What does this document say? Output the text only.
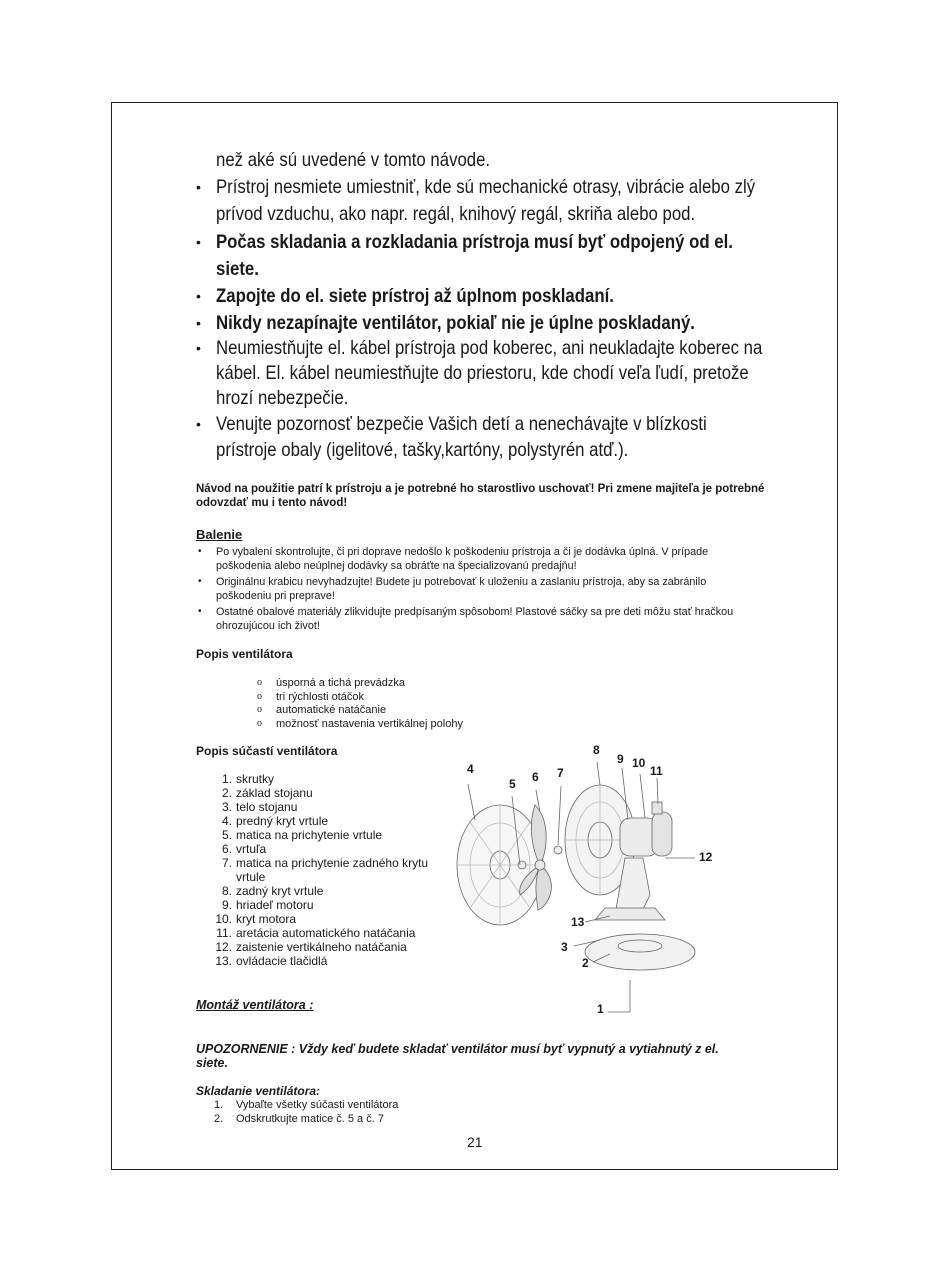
než aké sú uvedené v tomto návode.
Prístroj nesmiete umiestniť, kde sú mechanické otrasy, vibrácie alebo zlý
•
prívod vzduchu, ako napr. regál, knihový regál, skriňa alebo pod.
Počas skladania a rozkladania prístroja musí byť odpojený od el.
•
siete.
Zapojte do el. siete prístroj až úplnom poskladaní.
•
Nikdy nezapínajte ventilátor, pokiaľ nie je úplne poskladaný.
•
Neumiestňujte el. kábel prístroja pod koberec, ani neukladajte koberec na
•
kábel. El. kábel neumiestňujte do priestoru, kde chodí veľa ľudí, pretože
hrozí nebezpečie.
Venujte pozornosť bezpečie Vašich detí a nenechávajte v blízkosti
•
prístroje obaly (igelitové, tašky,kartóny, polystyrén atď.).
Návod na použitie patrí k prístroju a je potrebné ho starostlivo uschovať! Pri zmene majiteľa je potrebné
odovzdať mu i tento návod!
Balenie
• Po vybalení skontrolujte, či pri doprave nedošlo k poškodeniu prístroja a či je dodávka úplná. V prípade
poškodenia alebo neúplnej dodávky sa obráťte na špecializovanú predajňu!
• Originálnu krabicu nevyhadzujte! Budete ju potrebovať k uloženiu a zaslaniu prístroja, aby sa zabránilo
poškodeniu pri preprave!
• Ostatné obalové materiály zlikvidujte predpísaným spôsobom! Plastové sáčky sa pre deti môžu stať hračkou
ohrozujúcou ich život!
Popis ventilátora
o úsporná a tichá prevádzka
o tri rýchlosti otáčok
o automatické natáčanie
o možnosť nastavenia vertikálnej polohy
Popis súčastí ventilátora
1. skrutky
2. základ stojanu
3. telo stojanu
4. predný kryt vrtule
5. matica na prichytenie vrtule
6. vrtuľa
7. matica na prichytenie zadného krytu
vrtule
8. zadný kryt vrtule
9. hriadeľ motoru
10. kryt motora
11. aretácia automatického natáčania
12. zaistenie vertikálneho natáčania
13. ovládacie tlačidlá
1
2
3
4
5 6 7
8
9 10
11
12
13
Montáž ventilátora :
UPOZORNENIE : Vždy keď budete skladať ventilátor musí byť vypnutý a vytiahnutý z el.
siete.
Skladanie ventilátora:
1. Vybaľte všetky súčasti ventilátora
2. Odskrutkujte matice č. 5 a č. 7
21
